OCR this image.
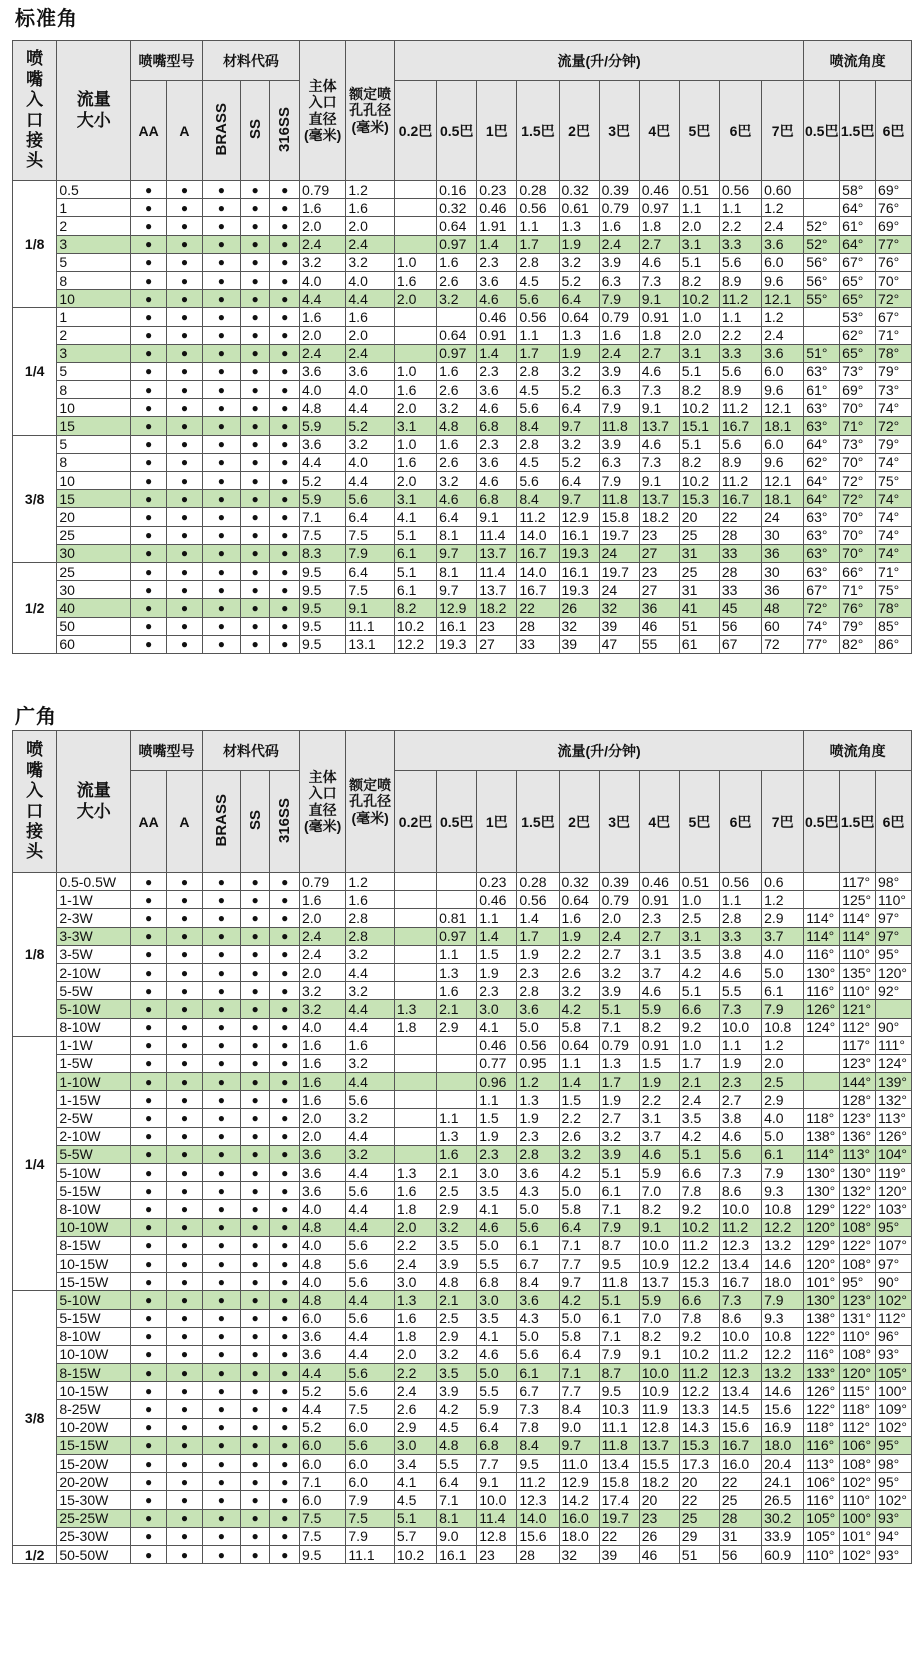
标准角
喷嘴入口接头	流量大小	喷嘴型号		材料代码			主体入口直径(毫米)	额定喷孔孔径(毫米)	流量(升/分钟)										喷流角度		
		AA	A	BRASS	SS	316SS			0.2巴	0.5巴	1巴	1.5巴	2巴	3巴	4巴	5巴	6巴	7巴	0.5巴	1.5巴	6巴
1/8	0.5	●	●	●	●	●	0.79	1.2		0.16	0.23	0.28	0.32	0.39	0.46	0.51	0.56	0.60		58°	69°
	1	●	●	●	●	●	1.6	1.6		0.32	0.46	0.56	0.61	0.79	0.97	1.1	1.1	1.2		64°	76°
	2	●	●	●	●	●	2.0	2.0		0.64	1.91	1.1	1.3	1.6	1.8	2.0	2.2	2.4	52°	61°	69°
	3	●	●	●	●	●	2.4	2.4		0.97	1.4	1.7	1.9	2.4	2.7	3.1	3.3	3.6	52°	64°	77°
	5	●	●	●	●	●	3.2	3.2	1.0	1.6	2.3	2.8	3.2	3.9	4.6	5.1	5.6	6.0	56°	67°	76°
	8	●	●	●	●	●	4.0	4.0	1.6	2.6	3.6	4.5	5.2	6.3	7.3	8.2	8.9	9.6	56°	65°	70°
	10	●	●	●	●	●	4.4	4.4	2.0	3.2	4.6	5.6	6.4	7.9	9.1	10.2	11.2	12.1	55°	65°	72°
1/4	1	●	●	●	●	●	1.6	1.6			0.46	0.56	0.64	0.79	0.91	1.0	1.1	1.2		53°	67°
	2	●	●	●	●	●	2.0	2.0		0.64	0.91	1.1	1.3	1.6	1.8	2.0	2.2	2.4		62°	71°
	3	●	●	●	●	●	2.4	2.4		0.97	1.4	1.7	1.9	2.4	2.7	3.1	3.3	3.6	51°	65°	78°
	5	●	●	●	●	●	3.6	3.6	1.0	1.6	2.3	2.8	3.2	3.9	4.6	5.1	5.6	6.0	63°	73°	79°
	8	●	●	●	●	●	4.0	4.0	1.6	2.6	3.6	4.5	5.2	6.3	7.3	8.2	8.9	9.6	61°	69°	73°
	10	●	●	●	●	●	4.8	4.4	2.0	3.2	4.6	5.6	6.4	7.9	9.1	10.2	11.2	12.1	63°	70°	74°
	15	●	●	●	●	●	5.9	5.2	3.1	4.8	6.8	8.4	9.7	11.8	13.7	15.1	16.7	18.1	63°	71°	72°
3/8	5	●	●	●	●	●	3.6	3.2	1.0	1.6	2.3	2.8	3.2	3.9	4.6	5.1	5.6	6.0	64°	73°	79°
	8	●	●	●	●	●	4.4	4.0	1.6	2.6	3.6	4.5	5.2	6.3	7.3	8.2	8.9	9.6	62°	70°	74°
	10	●	●	●	●	●	5.2	4.4	2.0	3.2	4.6	5.6	6.4	7.9	9.1	10.2	11.2	12.1	64°	72°	75°
	15	●	●	●	●	●	5.9	5.6	3.1	4.6	6.8	8.4	9.7	11.8	13.7	15.3	16.7	18.1	64°	72°	74°
	20	●	●	●	●	●	7.1	6.4	4.1	6.4	9.1	11.2	12.9	15.8	18.2	20	22	24	63°	70°	74°
	25	●	●	●	●	●	7.5	7.5	5.1	8.1	11.4	14.0	16.1	19.7	23	25	28	30	63°	70°	74°
	30	●	●	●	●	●	8.3	7.9	6.1	9.7	13.7	16.7	19.3	24	27	31	33	36	63°	70°	74°
1/2	25	●	●	●	●	●	9.5	6.4	5.1	8.1	11.4	14.0	16.1	19.7	23	25	28	30	63°	66°	71°
	30	●	●	●	●	●	9.5	7.5	6.1	9.7	13.7	16.7	19.3	24	27	31	33	36	67°	71°	75°
	40	●	●	●	●	●	9.5	9.1	8.2	12.9	18.2	22	26	32	36	41	45	48	72°	76°	78°
	50	●	●	●	●	●	9.5	11.1	10.2	16.1	23	28	32	39	46	51	56	60	74°	79°	85°
	60	●	●	●	●	●	9.5	13.1	12.2	19.3	27	33	39	47	55	61	67	72	77°	82°	86°
广角
喷嘴入口接头	流量大小	喷嘴型号		材料代码			主体入口直径(毫米)	额定喷孔孔径(毫米)	流量(升/分钟)										喷流角度		
		AA	A	BRASS	SS	316SS			0.2巴	0.5巴	1巴	1.5巴	2巴	3巴	4巴	5巴	6巴	7巴	0.5巴	1.5巴	6巴
1/8	0.5-0.5W	●	●	●	●	●	0.79	1.2			0.23	0.28	0.32	0.39	0.46	0.51	0.56	0.6		117°	98°
	1-1W	●	●	●	●	●	1.6	1.6			0.46	0.56	0.64	0.79	0.91	1.0	1.1	1.2		125°	110°
	2-3W	●	●	●	●	●	2.0	2.8		0.81	1.1	1.4	1.6	2.0	2.3	2.5	2.8	2.9	114°	114°	97°
	3-3W	●	●	●	●	●	2.4	2.8		0.97	1.4	1.7	1.9	2.4	2.7	3.1	3.3	3.7	114°	114°	97°
	3-5W	●	●	●	●	●	2.4	3.2		1.1	1.5	1.9	2.2	2.7	3.1	3.5	3.8	4.0	116°	110°	95°
	2-10W	●	●	●	●	●	2.0	4.4		1.3	1.9	2.3	2.6	3.2	3.7	4.2	4.6	5.0	130°	135°	120°
	5-5W	●	●	●	●	●	3.2	3.2		1.6	2.3	2.8	3.2	3.9	4.6	5.1	5.5	6.1	116°	110°	92°
	5-10W	●	●	●	●	●	3.2	4.4	1.3	2.1	3.0	3.6	4.2	5.1	5.9	6.6	7.3	7.9	126°	121°	
	8-10W	●	●	●	●	●	4.0	4.4	1.8	2.9	4.1	5.0	5.8	7.1	8.2	9.2	10.0	10.8	124°	112°	90°
1/4	1-1W	●	●	●	●	●	1.6	1.6			0.46	0.56	0.64	0.79	0.91	1.0	1.1	1.2		117°	111°
	1-5W	●	●	●	●	●	1.6	3.2			0.77	0.95	1.1	1.3	1.5	1.7	1.9	2.0		123°	124°
	1-10W	●	●	●	●	●	1.6	4.4			0.96	1.2	1.4	1.7	1.9	2.1	2.3	2.5		144°	139°
	1-15W	●	●	●	●	●	1.6	5.6			1.1	1.3	1.5	1.9	2.2	2.4	2.7	2.9		128°	132°
	2-5W	●	●	●	●	●	2.0	3.2		1.1	1.5	1.9	2.2	2.7	3.1	3.5	3.8	4.0	118°	123°	113°
	2-10W	●	●	●	●	●	2.0	4.4		1.3	1.9	2.3	2.6	3.2	3.7	4.2	4.6	5.0	138°	136°	126°
	5-5W	●	●	●	●	●	3.6	3.2		1.6	2.3	2.8	3.2	3.9	4.6	5.1	5.6	6.1	114°	113°	104°
	5-10W	●	●	●	●	●	3.6	4.4	1.3	2.1	3.0	3.6	4.2	5.1	5.9	6.6	7.3	7.9	130°	130°	119°
	5-15W	●	●	●	●	●	3.6	5.6	1.6	2.5	3.5	4.3	5.0	6.1	7.0	7.8	8.6	9.3	130°	132°	120°
	8-10W	●	●	●	●	●	4.0	4.4	1.8	2.9	4.1	5.0	5.8	7.1	8.2	9.2	10.0	10.8	129°	122°	103°
	10-10W	●	●	●	●	●	4.8	4.4	2.0	3.2	4.6	5.6	6.4	7.9	9.1	10.2	11.2	12.2	120°	108°	95°
	8-15W	●	●	●	●	●	4.0	5.6	2.2	3.5	5.0	6.1	7.1	8.7	10.0	11.2	12.3	13.2	129°	122°	107°
	10-15W	●	●	●	●	●	4.8	5.6	2.4	3.9	5.5	6.7	7.7	9.5	10.9	12.2	13.4	14.6	120°	108°	97°
	15-15W	●	●	●	●	●	4.0	5.6	3.0	4.8	6.8	8.4	9.7	11.8	13.7	15.3	16.7	18.0	101°	95°	90°
3/8	5-10W	●	●	●	●	●	4.8	4.4	1.3	2.1	3.0	3.6	4.2	5.1	5.9	6.6	7.3	7.9	130°	123°	102°
	5-15W	●	●	●	●	●	6.0	5.6	1.6	2.5	3.5	4.3	5.0	6.1	7.0	7.8	8.6	9.3	138°	131°	112°
	8-10W	●	●	●	●	●	3.6	4.4	1.8	2.9	4.1	5.0	5.8	7.1	8.2	9.2	10.0	10.8	122°	110°	96°
	10-10W	●	●	●	●	●	3.6	4.4	2.0	3.2	4.6	5.6	6.4	7.9	9.1	10.2	11.2	12.2	116°	108°	93°
	8-15W	●	●	●	●	●	4.4	5.6	2.2	3.5	5.0	6.1	7.1	8.7	10.0	11.2	12.3	13.2	133°	120°	105°
	10-15W	●	●	●	●	●	5.2	5.6	2.4	3.9	5.5	6.7	7.7	9.5	10.9	12.2	13.4	14.6	126°	115°	100°
	8-25W	●	●	●	●	●	4.4	7.5	2.6	4.2	5.9	7.3	8.4	10.3	11.9	13.3	14.5	15.6	122°	118°	109°
	10-20W	●	●	●	●	●	5.2	6.0	2.9	4.5	6.4	7.8	9.0	11.1	12.8	14.3	15.6	16.9	118°	112°	102°
	15-15W	●	●	●	●	●	6.0	5.6	3.0	4.8	6.8	8.4	9.7	11.8	13.7	15.3	16.7	18.0	116°	106°	95°
	15-20W	●	●	●	●	●	6.0	6.0	3.4	5.5	7.7	9.5	11.0	13.4	15.5	17.3	16.0	20.4	113°	108°	98°
	20-20W	●	●	●	●	●	7.1	6.0	4.1	6.4	9.1	11.2	12.9	15.8	18.2	20	22	24.1	106°	102°	95°
	15-30W	●	●	●	●	●	6.0	7.9	4.5	7.1	10.0	12.3	14.2	17.4	20	22	25	26.5	116°	110°	102°
	25-25W	●	●	●	●	●	7.5	7.5	5.1	8.1	11.4	14.0	16.0	19.7	23	25	28	30.2	105°	100°	93°
	25-30W	●	●	●	●	●	7.5	7.9	5.7	9.0	12.8	15.6	18.0	22	26	29	31	33.9	105°	101°	94°
1/2	50-50W	●	●	●	●	●	9.5	11.1	10.2	16.1	23	28	32	39	46	51	56	60.9	110°	102°	93°
